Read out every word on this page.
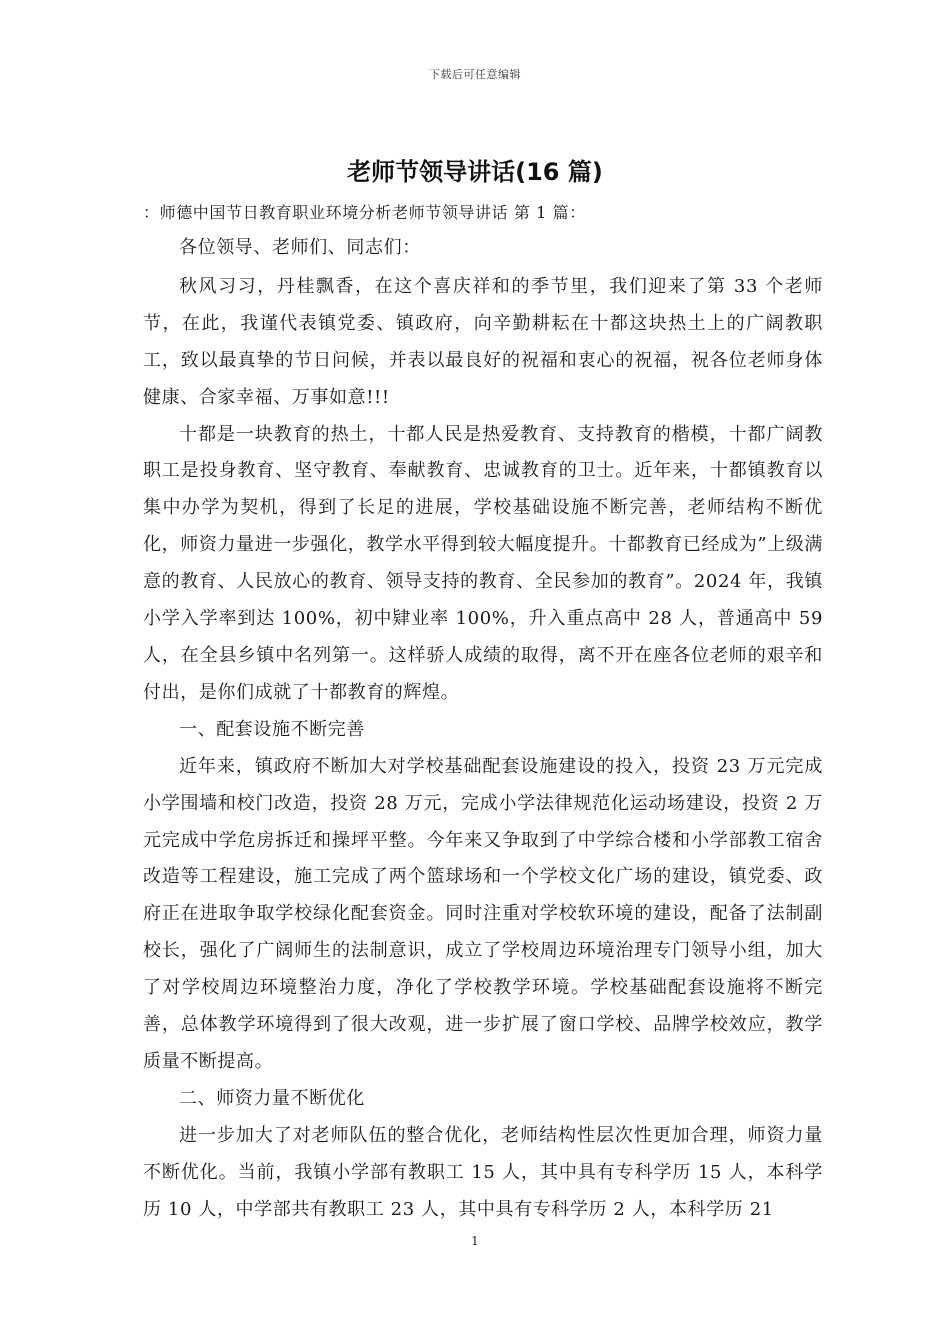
下载后可任意编辑
老师节领导讲话(16 篇)

：师德中国节日教育职业环境分析老师节领导讲话 第 1 篇：

各位领导、老师们、同志们：

秋风习习，丹桂飘香，在这个喜庆祥和的季节里，我们迎来了第 33 个老师节，在此，我谨代表镇党委、镇政府，向辛勤耕耘在十都这块热土上的广阔教职工，致以最真挚的节日问候，并表以最良好的祝福和衷心的祝福，祝各位老师身体健康、合家幸福、万事如意!!!

十都是一块教育的热土，十都人民是热爱教育、支持教育的楷模，十都广阔教职工是投身教育、坚守教育、奉献教育、忠诚教育的卫士。近年来，十都镇教育以集中办学为契机，得到了长足的进展，学校基础设施不断完善，老师结构不断优化，师资力量进一步强化，教学水平得到较大幅度提升。十都教育已经成为”上级满意的教育、人民放心的教育、领导支持的教育、全民参加的教育”。2024 年，我镇小学入学率到达 100%，初中肄业率 100%，升入重点高中 28 人，普通高中 59 人，在全县乡镇中名列第一。这样骄人成绩的取得，离不开在座各位老师的艰辛和付出，是你们成就了十都教育的辉煌。

一、配套设施不断完善

近年来，镇政府不断加大对学校基础配套设施建设的投入，投资 23 万元完成小学围墙和校门改造，投资 28 万元，完成小学法律规范化运动场建设，投资 2 万元完成中学危房拆迁和操坪平整。今年来又争取到了中学综合楼和小学部教工宿舍改造等工程建设，施工完成了两个篮球场和一个学校文化广场的建设，镇党委、政府正在进取争取学校绿化配套资金。同时注重对学校软环境的建设，配备了法制副校长，强化了广阔师生的法制意识，成立了学校周边环境治理专门领导小组，加大了对学校周边环境整治力度，净化了学校教学环境。学校基础配套设施将不断完善，总体教学环境得到了很大改观，进一步扩展了窗口学校、品牌学校效应，教学质量不断提高。

二、师资力量不断优化

进一步加大了对老师队伍的整合优化，老师结构性层次性更加合理，师资力量不断优化。当前，我镇小学部有教职工 15 人，其中具有专科学历 15 人，本科学历 10 人，中学部共有教职工 23 人，其中具有专科学历 2 人，本科学历 21

1
